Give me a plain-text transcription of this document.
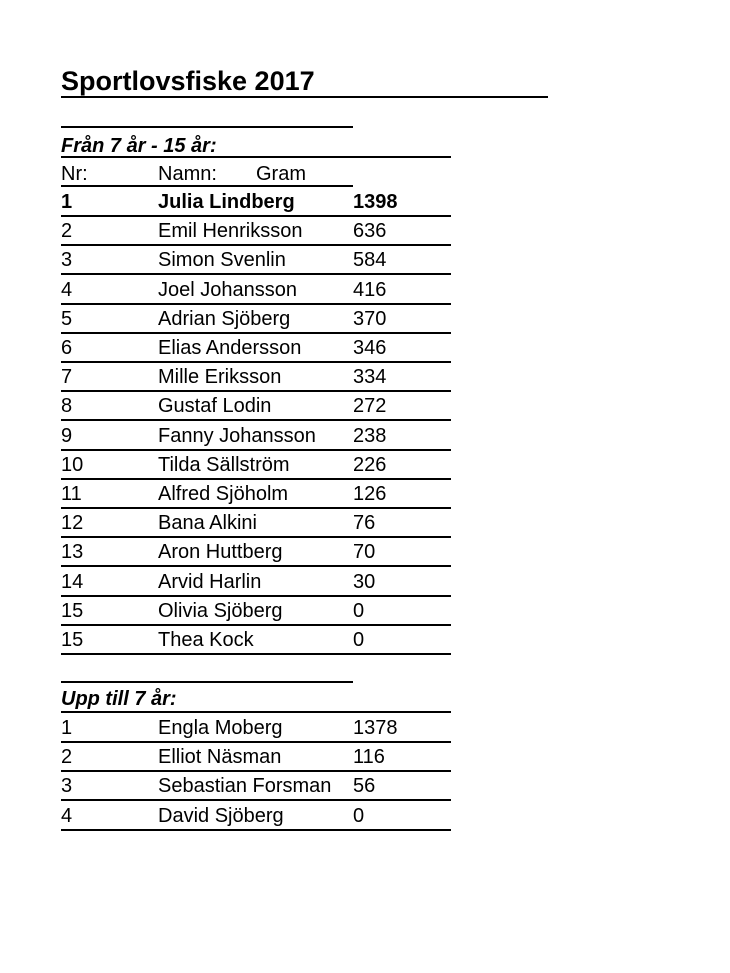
Sportlovsfiske 2017
Från 7 år - 15 år:
Nr:	Namn: Gram
1	Julia Lindberg	1398
2	Emil Henriksson	636
3	Simon Svenlin	584
4	Joel Johansson	416
5	Adrian Sjöberg	370
6	Elias Andersson	346
7	Mille Eriksson	334
8	Gustaf Lodin	272
9	Fanny Johansson 238
10	Tilda Sällström	226
11	Alfred Sjöholm	126
12	Bana Alkini	76
13	Aron Huttberg	70
14	Arvid Harlin	30
15	Olivia Sjöberg	0
15	Thea Kock	0
Upp till 7 år:
1	Engla Moberg	1378
2	Elliot Näsman	116
3	Sebastian Forsman 56
4	David Sjöberg	0
